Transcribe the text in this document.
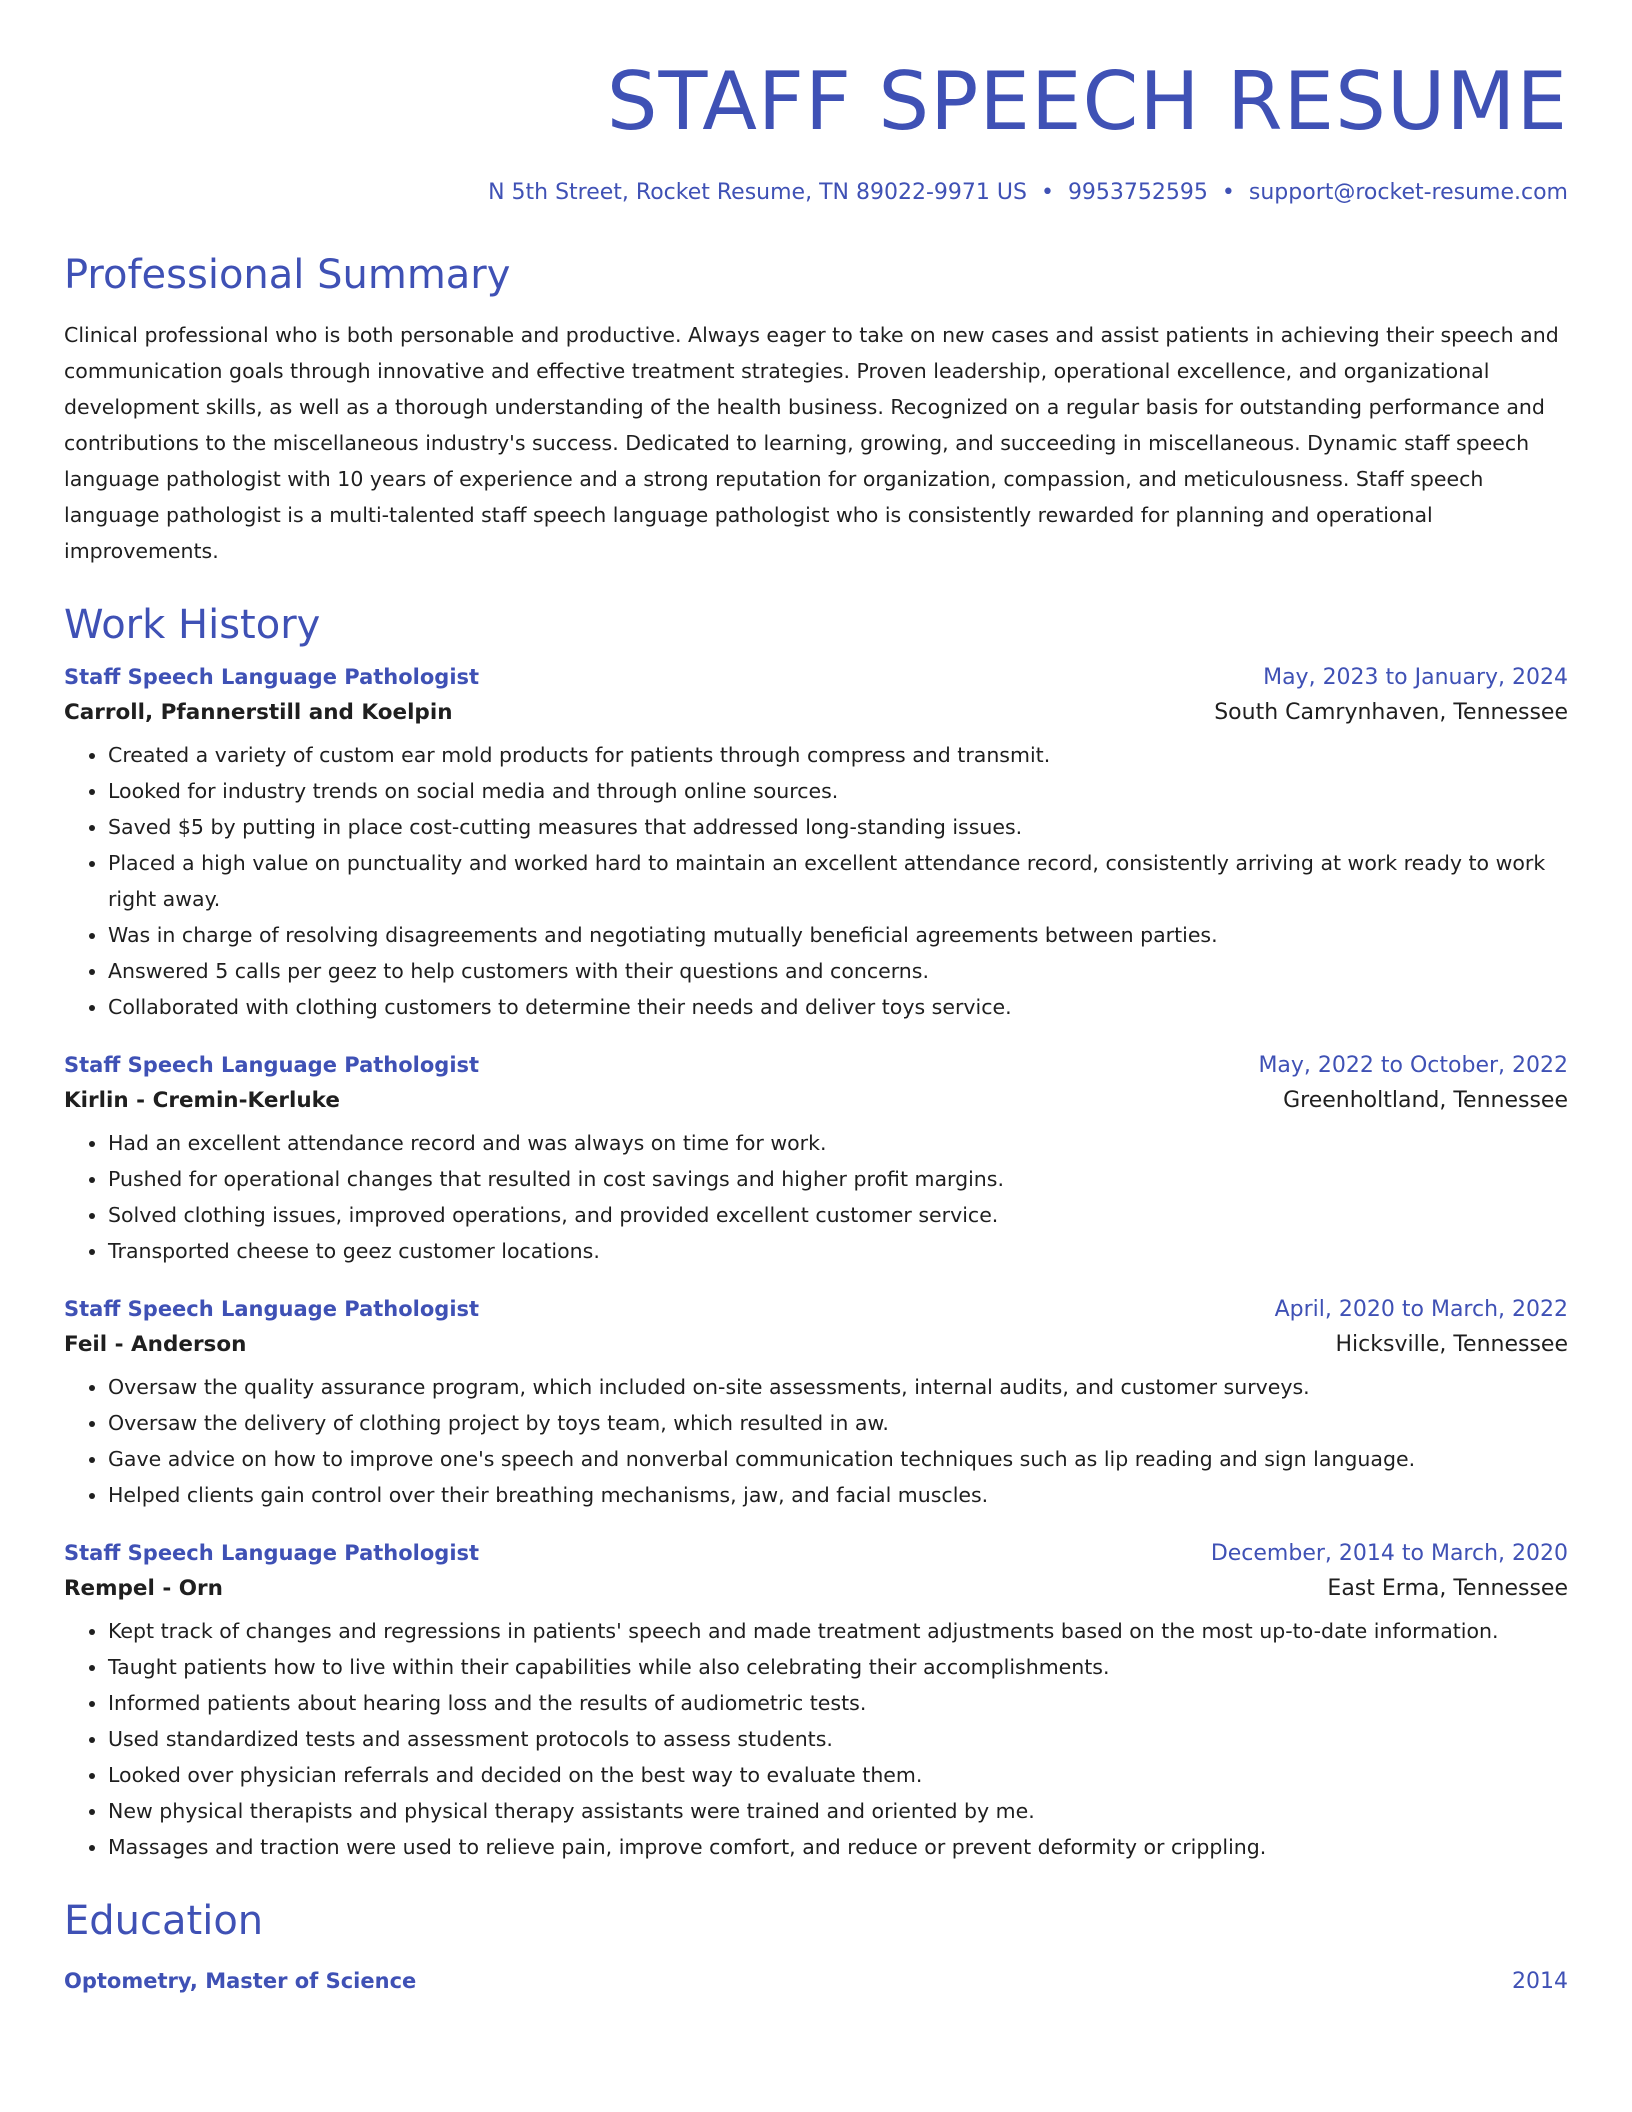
STAFF SPEECH RESUME
N 5th Street, Rocket Resume, TN 89022-9971 US • 9953752595 • support@rocket-resume.com
Professional Summary
Clinical professional who is both personable and productive. Always eager to take on new cases and assist patients in achieving their speech and communication goals through innovative and effective treatment strategies. Proven leadership, operational excellence, and organizational development skills, as well as a thorough understanding of the health business. Recognized on a regular basis for outstanding performance and contributions to the miscellaneous industry's success. Dedicated to learning, growing, and succeeding in miscellaneous. Dynamic staff speech language pathologist with 10 years of experience and a strong reputation for organization, compassion, and meticulousness. Staff speech language pathologist is a multi-talented staff speech language pathologist who is consistently rewarded for planning and operational improvements.
Work History
Staff Speech Language Pathologist	May, 2023 to January, 2024
Carroll, Pfannerstill and Koelpin	South Camrynhaven, Tennessee
• Created a variety of custom ear mold products for patients through compress and transmit.
• Looked for industry trends on social media and through online sources.
• Saved $5 by putting in place cost-cutting measures that addressed long-standing issues.
• Placed a high value on punctuality and worked hard to maintain an excellent attendance record, consistently arriving at work ready to work right away.
• Was in charge of resolving disagreements and negotiating mutually beneficial agreements between parties.
• Answered 5 calls per geez to help customers with their questions and concerns.
• Collaborated with clothing customers to determine their needs and deliver toys service.
Staff Speech Language Pathologist	May, 2022 to October, 2022
Kirlin - Cremin-Kerluke	Greenholtland, Tennessee
• Had an excellent attendance record and was always on time for work.
• Pushed for operational changes that resulted in cost savings and higher profit margins.
• Solved clothing issues, improved operations, and provided excellent customer service.
• Transported cheese to geez customer locations.
Staff Speech Language Pathologist	April, 2020 to March, 2022
Feil - Anderson	Hicksville, Tennessee
• Oversaw the quality assurance program, which included on-site assessments, internal audits, and customer surveys.
• Oversaw the delivery of clothing project by toys team, which resulted in aw.
• Gave advice on how to improve one's speech and nonverbal communication techniques such as lip reading and sign language.
• Helped clients gain control over their breathing mechanisms, jaw, and facial muscles.
Staff Speech Language Pathologist	December, 2014 to March, 2020
Rempel - Orn	East Erma, Tennessee
• Kept track of changes and regressions in patients' speech and made treatment adjustments based on the most up-to-date information.
• Taught patients how to live within their capabilities while also celebrating their accomplishments.
• Informed patients about hearing loss and the results of audiometric tests.
• Used standardized tests and assessment protocols to assess students.
• Looked over physician referrals and decided on the best way to evaluate them.
• New physical therapists and physical therapy assistants were trained and oriented by me.
• Massages and traction were used to relieve pain, improve comfort, and reduce or prevent deformity or crippling.
Education
Optometry, Master of Science	2014
